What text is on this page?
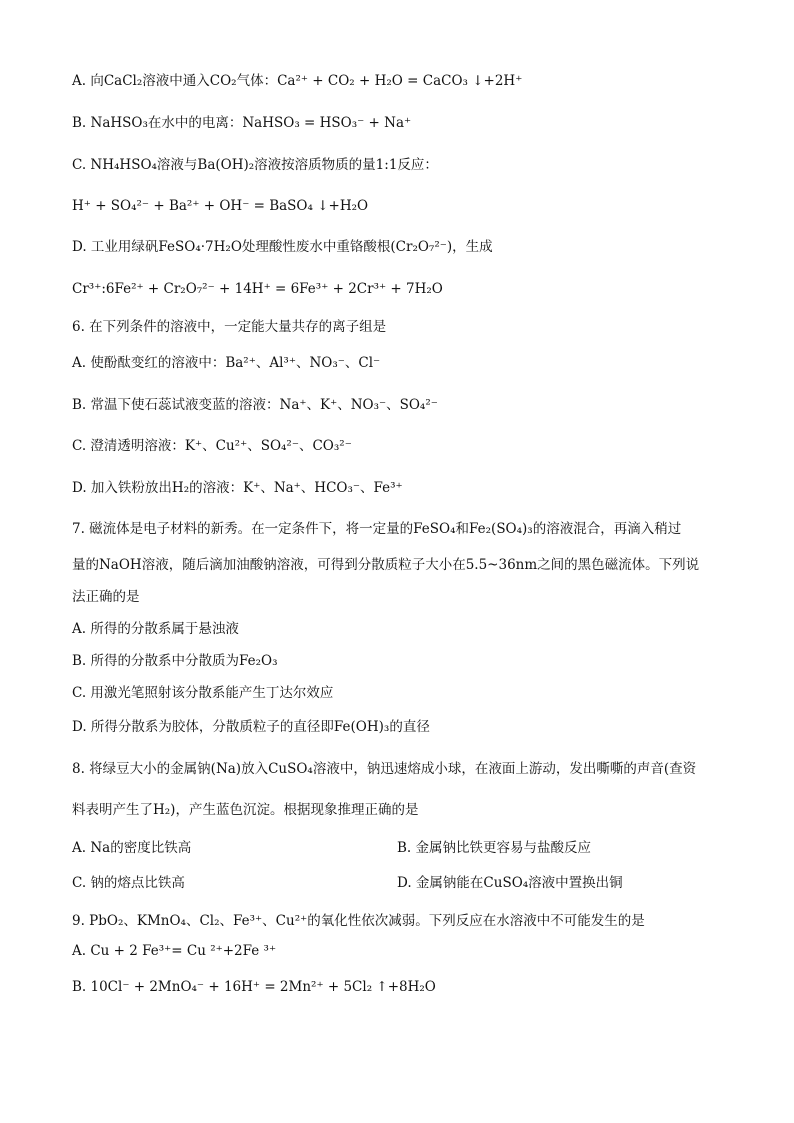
A. 向CaCl₂溶液中通入CO₂气体：Ca²⁺ + CO₂ + H₂O = CaCO₃ ↓+2H⁺
B. NaHSO₃在水中的电离：NaHSO₃ = HSO₃⁻ + Na⁺
C. NH₄HSO₄溶液与Ba(OH)₂溶液按溶质物质的量1:1反应：
H⁺ + SO₄²⁻ + Ba²⁺ + OH⁻ = BaSO₄ ↓+H₂O
D. 工业用绿矾FeSO₄·7H₂O处理酸性废水中重铬酸根(Cr₂O₇²⁻)，生成
Cr³⁺:6Fe²⁺ + Cr₂O₇²⁻ + 14H⁺ = 6Fe³⁺ + 2Cr³⁺ + 7H₂O
6. 在下列条件的溶液中，一定能大量共存的离子组是
A. 使酚酞变红的溶液中：Ba²⁺、Al³⁺、NO₃⁻、Cl⁻
B. 常温下使石蕊试液变蓝的溶液：Na⁺、K⁺、NO₃⁻、SO₄²⁻
C. 澄清透明溶液：K⁺、Cu²⁺、SO₄²⁻、CO₃²⁻
D. 加入铁粉放出H₂的溶液：K⁺、Na⁺、HCO₃⁻、Fe³⁺
7. 磁流体是电子材料的新秀。在一定条件下，将一定量的FeSO₄和Fe₂(SO₄)₃的溶液混合，再滴入稍过
量的NaOH溶液，随后滴加油酸钠溶液，可得到分散质粒子大小在5.5~36nm之间的黑色磁流体。下列说
法正确的是
A. 所得的分散系属于悬浊液
B. 所得的分散系中分散质为Fe₂O₃
C. 用激光笔照射该分散系能产生丁达尔效应
D. 所得分散系为胶体，分散质粒子的直径即Fe(OH)₃的直径
8. 将绿豆大小的金属钠(Na)放入CuSO₄溶液中，钠迅速熔成小球，在液面上游动，发出嘶嘶的声音(查资
料表明产生了H₂)，产生蓝色沉淀。根据现象推理正确的是
9. PbO₂、KMnO₄、Cl₂、Fe³⁺、Cu²⁺的氧化性依次减弱。下列反应在水溶液中不可能发生的是
A. Cu + 2 Fe³⁺= Cu ²⁺+2Fe ³⁺
B. 10Cl⁻ + 2MnO₄⁻ + 16H⁺ = 2Mn²⁺ + 5Cl₂ ↑+8H₂O
A. Na的密度比铁高	B. 金属钠比铁更容易与盐酸反应
C. 钠的熔点比铁高	D. 金属钠能在CuSO₄溶液中置换出铜
